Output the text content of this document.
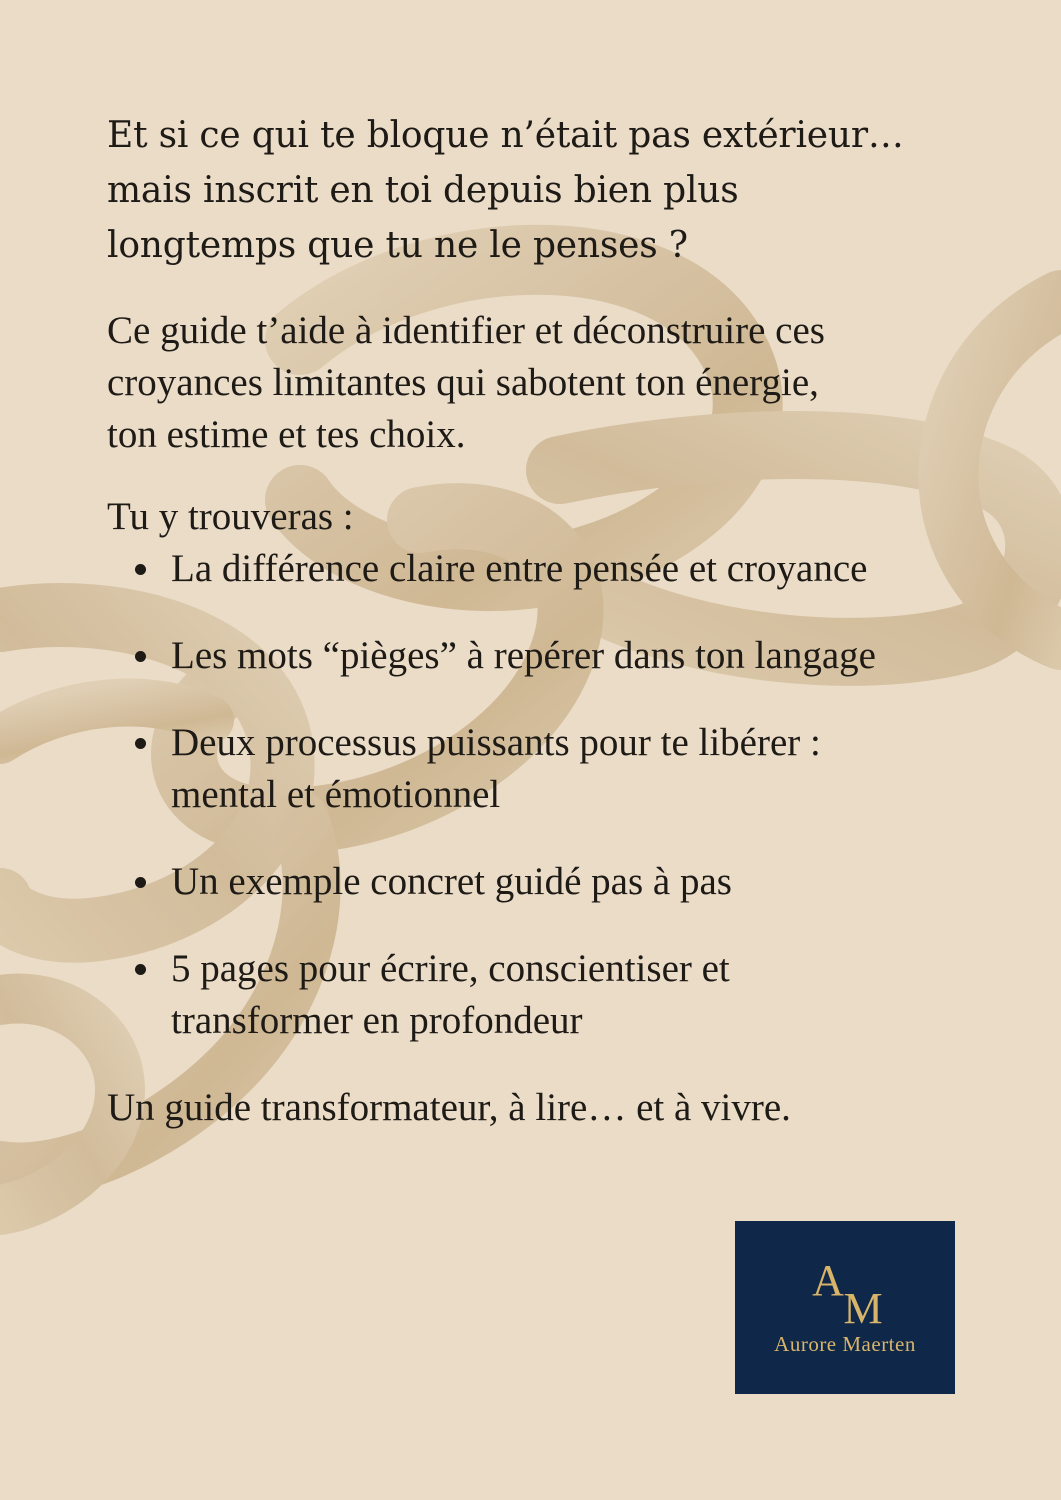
Et si ce qui te bloque n’était pas extérieur…
mais inscrit en toi depuis bien plus
longtemps que tu ne le penses ?

Ce guide t’aide à identifier et déconstruire ces
croyances limitantes qui sabotent ton énergie,
ton estime et tes choix.

Tu y trouveras :

La différence claire entre pensée et croyance
Les mots “pièges” à repérer dans ton langage
Deux processus puissants pour te libérer :
mental et émotionnel
Un exemple concret guidé pas à pas
5 pages pour écrire, conscientiser et
transformer en profondeur

Un guide transformateur, à lire… et à vivre.

A
M
Aurore Maerten
